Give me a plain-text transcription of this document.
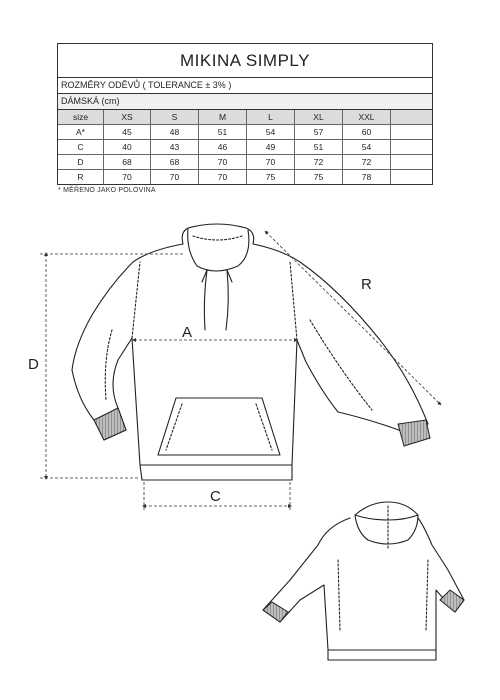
MIKINA SIMPLY
ROZMĚRY ODĚVŮ ( TOLERANCE ± 3% )
DÁMSKÁ (cm)
size	XS	S	M	L	XL	XXL
A*	45	48	51	54	57	60
C	40	43	46	49	51	54
D	68	68	70	70	72	72
R	70	70	70	75	75	78
* MĚŘENO JAKO POLOVINA
D
A
C
R
